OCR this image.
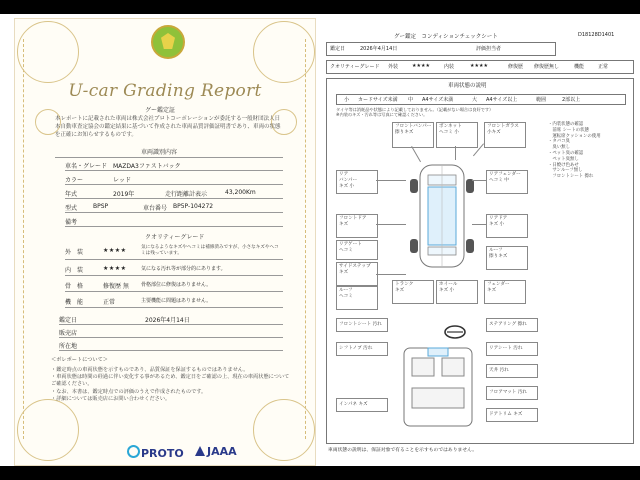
U-car Grading Report
グー鑑定証
本レポートに記載された車両は株式会社プロトコーポレーションが委託する一般財団法人日本自動車査定協会の鑑定結果に基づいて作成された車両品質評価証明書であり、車両の状態を正確にお知らせするものです。
車両識別内容
車名・グレード MAZDA3ファストバック
カラー	レッド
年式	2019年	走行距離計表示	43,200Km
型式	BPSP	車台番号 BP5P-104272
備考
クオリティーグレード
外　装	★★★★	気になるようなキズやヘコミは補修済みですが、小さなキズやヘコミは残っています。
内　装	★★★★	気になる汚れ等が部分的にあります。
骨　格	修復歴 無 骨格部位に修復はありません。
機　能	正常	主要機能に問題はありません。
鑑定日	2026年4月14日
販売店
所在地
＜ボレポートについて＞
・鑑定時点の車両状態を示すものであり、品質保証を保証するものではありません。
・車両状態は時間の経過に伴い変化する事があるため、鑑定日をご確認の上、現在の車両状態についてご確認ください。
・なお、本書は、鑑定時点での評価のうえで作成されたものです。
・詳細については販売店にお問い合わせください。
PROTO	JAAA
グー鑑定　コンディションチェックシート	D18128D1401
鑑定日	2026年4月14日	評価担当者
クオリティーグレード 外装	★★★★	内装	★★★★	修復歴 修復歴無し	機能	正常
車両状態の説明
小 カードサイズ未満 中 A4サイズ未満	大 A4サイズ以上	範囲	2部以上
タイヤ等は消耗品や状態により記載しておりません。（記載がない場合は良好です）
※内装のキズ・汚れ等は写真にて確認ください。
フロントバンパー
擦りキズ
ボンネット
ヘコミ 小
フロントガラス
小キズ
リア
バンパー
キズ 小
リアフェンダー
ヘコミ 中
フロントドア
キズ
リアドア
キズ 小
サイドステップ
キズ
ルーフ
ヘコミ
トランク
キズ
ホイール
キズ 小
フェンダー
キズ
ルーフ
擦りキズ
リアゲート
ヘコミ
・内装状態の確認
　前席 シートの状態
　運転席クッションの使用
・タバコ臭
　臭い無し
・ペット臭の確認
　ペット臭無し
・日焼け色あせ
　サンルーフ無し
　フロントシート 擦れ
フロントシート 汚れ	ステアリング 擦れ
シフトノブ 汚れ	リアシート 汚れ
天井 汚れ
フロアマット 汚れ
インパネ キズ
ドアトリム キズ
車両状態の説明は、保証対象で有ることを示すものではありません。
